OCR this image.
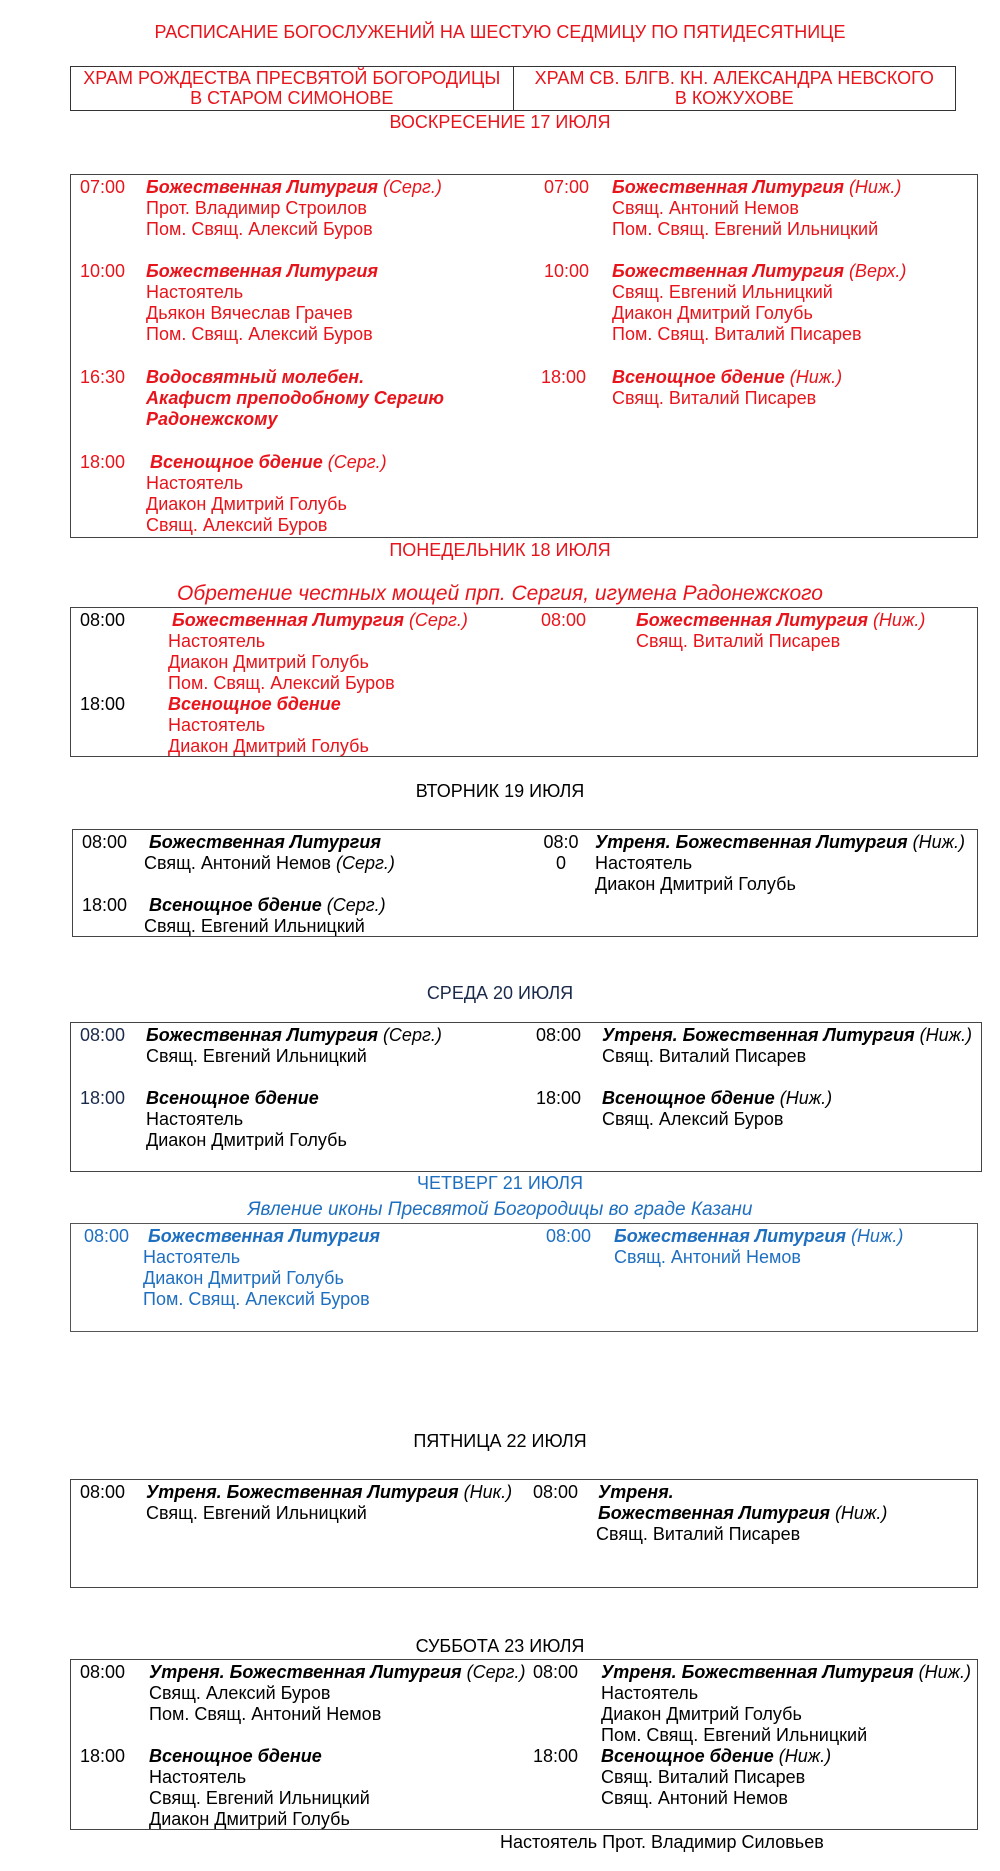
РАСПИСАНИЕ БОГОСЛУЖЕНИЙ НА ШЕСТУЮ СЕДМИЦУ ПО ПЯТИДЕСЯТНИЦЕ
ХРАМ РОЖДЕСТВА ПРЕСВЯТОЙ БОГОРОДИЦЫ
В СТАРОМ СИМОНОВЕ
ХРАМ СВ. БЛГВ. КН. АЛЕКСАНДРА НЕВСКОГО
В КОЖУХОВЕ
ВОСКРЕСЕНИЕ 17 ИЮЛЯ
07:00 Божественная Литургия (Серг.)
Прот. Владимир Строилов
Пом. Свящ. Алексий Буров
10:00 Божественная Литургия
Настоятель
Дьякон Вячеслав Грачев
Пом. Свящ. Алексий Буров
16:30 Водосвятный молебен.
Акафист преподобному Сергию
Радонежскому
18:00 Всенощное бдение (Серг.)
Настоятель
Диакон Дмитрий Голубь
Свящ. Алексий Буров
07:00 Божественная Литургия (Ниж.)
Свящ. Антоний Немов
Пом. Свящ. Евгений Ильницкий
10:00 Божественная Литургия (Верх.)
Свящ. Евгений Ильницкий
Диакон Дмитрий Голубь
Пом. Свящ. Виталий Писарев
18:00 Всенощное бдение (Ниж.)
Свящ. Виталий Писарев
ПОНЕДЕЛЬНИК 18 ИЮЛЯ
Обретение честных мощей прп. Сергия, игумена Радонежского
08:00	Божественная Литургия (Серг.)
Настоятель
Диакон Дмитрий Голубь
Пом. Свящ. Алексий Буров
18:00 Всенощное бдение
Настоятель
Диакон Дмитрий Голубь
08:00	Божественная Литургия (Ниж.)
Свящ. Виталий Писарев
ВТОРНИК 19 ИЮЛЯ
08:00 Божественная Литургия
Свящ. Антоний Немов (Серг.)
18:00 Всенощное бдение (Серг.)
Свящ. Евгений Ильницкий
08:0
0
Утреня. Божественная Литургия (Ниж.)
Настоятель
Диакон Дмитрий Голубь
СРЕДА 20 ИЮЛЯ
08:00 Божественная Литургия (Серг.)
Свящ. Евгений Ильницкий
18:00 Всенощное бдение
Настоятель
Диакон Дмитрий Голубь
08:00 Утреня. Божественная Литургия (Ниж.)
Свящ. Виталий Писарев
18:00 Всенощное бдение (Ниж.)
Свящ. Алексий Буров
ЧЕТВЕРГ 21 ИЮЛЯ
Явление иконы Пресвятой Богородицы во граде Казани
08:00 Божественная Литургия
Настоятель
Диакон Дмитрий Голубь
Пом. Свящ. Алексий Буров
08:00 Божественная Литургия (Ниж.)
Свящ. Антоний Немов
ПЯТНИЦА 22 ИЮЛЯ
08:00 Утреня. Божественная Литургия (Ник.)
Свящ. Евгений Ильницкий
08:00 Утреня.
Божественная Литургия (Ниж.)
Свящ. Виталий Писарев
СУББОТА 23 ИЮЛЯ
08:00 Утреня. Божественная Литургия (Серг.)
Свящ. Алексий Буров
Пом. Свящ. Антоний Немов
18:00 Всенощное бдение
Настоятель
Свящ. Евгений Ильницкий
Диакон Дмитрий Голубь
08:00 Утреня. Божественная Литургия (Ниж.)
Настоятель
Диакон Дмитрий Голубь
Пом. Свящ. Евгений Ильницкий
18:00 Всенощное бдение (Ниж.)
Свящ. Виталий Писарев
Свящ. Антоний Немов
Настоятель Прот. Владимир Силовьев
